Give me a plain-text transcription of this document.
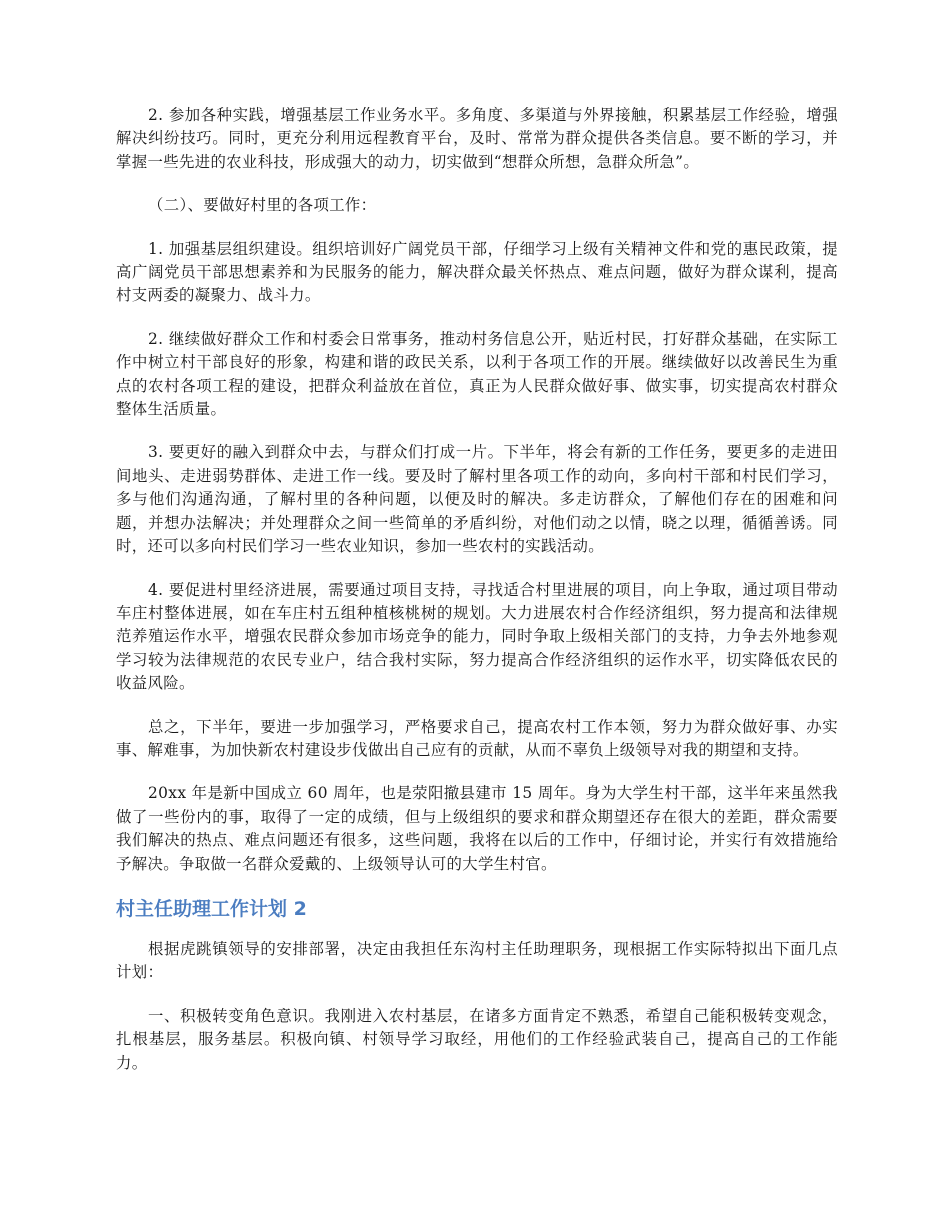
2. 参加各种实践，增强基层工作业务水平。多角度、多渠道与外界接触，积累基层工作经验，增强解决纠纷技巧。同时，更充分利用远程教育平台，及时、常常为群众提供各类信息。要不断的学习，并掌握一些先进的农业科技，形成强大的动力，切实做到“想群众所想，急群众所急”。

（二）、要做好村里的各项工作：

1. 加强基层组织建设。组织培训好广阔党员干部，仔细学习上级有关精神文件和党的惠民政策，提高广阔党员干部思想素养和为民服务的能力，解决群众最关怀热点、难点问题，做好为群众谋利，提高村支两委的凝聚力、战斗力。

2. 继续做好群众工作和村委会日常事务，推动村务信息公开，贴近村民，打好群众基础，在实际工作中树立村干部良好的形象，构建和谐的政民关系，以利于各项工作的开展。继续做好以改善民生为重点的农村各项工程的建设，把群众利益放在首位，真正为人民群众做好事、做实事，切实提高农村群众整体生活质量。

3. 要更好的融入到群众中去，与群众们打成一片。下半年，将会有新的工作任务，要更多的走进田间地头、走进弱势群体、走进工作一线。要及时了解村里各项工作的动向，多向村干部和村民们学习，多与他们沟通沟通，了解村里的各种问题，以便及时的解决。多走访群众，了解他们存在的困难和问题，并想办法解决；并处理群众之间一些简单的矛盾纠纷，对他们动之以情，晓之以理，循循善诱。同时，还可以多向村民们学习一些农业知识，参加一些农村的实践活动。

4. 要促进村里经济进展，需要通过项目支持，寻找适合村里进展的项目，向上争取，通过项目带动车庄村整体进展，如在车庄村五组种植核桃树的规划。大力进展农村合作经济组织，努力提高和法律规范养殖运作水平，增强农民群众参加市场竞争的能力，同时争取上级相关部门的支持，力争去外地参观学习较为法律规范的农民专业户，结合我村实际，努力提高合作经济组织的运作水平，切实降低农民的收益风险。

总之，下半年，要进一步加强学习，严格要求自己，提高农村工作本领，努力为群众做好事、办实事、解难事，为加快新农村建设步伐做出自己应有的贡献，从而不辜负上级领导对我的期望和支持。

20xx 年是新中国成立 60 周年，也是荥阳撤县建市 15 周年。身为大学生村干部，这半年来虽然我做了一些份内的事，取得了一定的成绩，但与上级组织的要求和群众期望还存在很大的差距，群众需要我们解决的热点、难点问题还有很多，这些问题，我将在以后的工作中，仔细讨论，并实行有效措施给予解决。争取做一名群众爱戴的、上级领导认可的大学生村官。

村主任助理工作计划 2

根据虎跳镇领导的安排部署，决定由我担任东沟村主任助理职务，现根据工作实际特拟出下面几点计划：

一、积极转变角色意识。我刚进入农村基层，在诸多方面肯定不熟悉，希望自己能积极转变观念，扎根基层，服务基层。积极向镇、村领导学习取经，用他们的工作经验武装自己，提高自己的工作能力。
